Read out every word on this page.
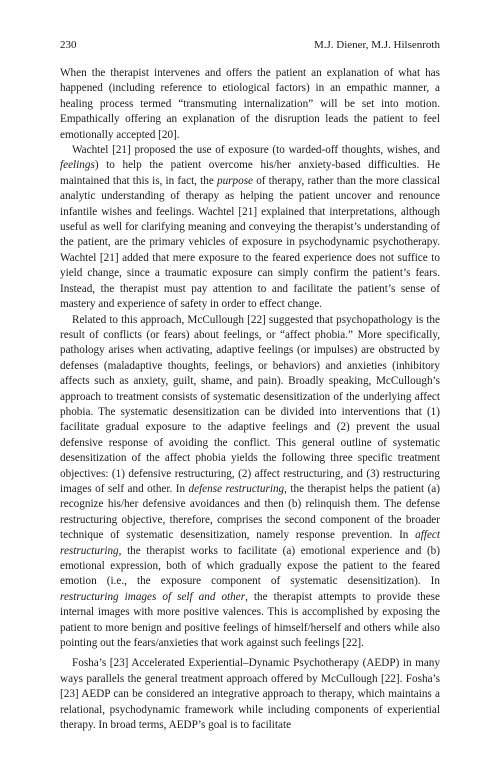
230	M.J. Diener, M.J. Hilsenroth

When the therapist intervenes and offers the patient an explanation of what has happened (including reference to etiological factors) in an empathic manner, a healing process termed “transmuting internalization” will be set into motion. Empathically offering an explanation of the disruption leads the patient to feel emotionally accepted [20].

Wachtel [21] proposed the use of exposure (to warded-off thoughts, wishes, and feelings) to help the patient overcome his/her anxiety-based difficulties. He maintained that this is, in fact, the purpose of therapy, rather than the more classical analytic understanding of therapy as helping the patient uncover and renounce infantile wishes and feelings. Wachtel [21] explained that interpretations, although useful as well for clarifying meaning and conveying the therapist’s understanding of the patient, are the primary vehicles of exposure in psychodynamic psychotherapy. Wachtel [21] added that mere exposure to the feared experience does not suffice to yield change, since a traumatic exposure can simply confirm the patient’s fears. Instead, the therapist must pay attention to and facilitate the patient’s sense of mastery and experience of safety in order to effect change.

Related to this approach, McCullough [22] suggested that psychopathology is the result of conflicts (or fears) about feelings, or “affect phobia.” More specifically, pathology arises when activating, adaptive feelings (or impulses) are obstructed by defenses (maladaptive thoughts, feelings, or behaviors) and anxieties (inhibitory affects such as anxiety, guilt, shame, and pain). Broadly speaking, McCullough’s approach to treatment consists of systematic desensitization of the underlying affect phobia. The systematic desensitization can be divided into interventions that (1) facilitate gradual exposure to the adaptive feelings and (2) prevent the usual defensive response of avoiding the conflict. This general outline of systematic desensitization of the affect phobia yields the following three specific treatment objectives: (1) defensive restructuring, (2) affect restructuring, and (3) restructuring images of self and other. In defense restructuring, the therapist helps the patient (a) recognize his/her defensive avoidances and then (b) relinquish them. The defense restructuring objective, therefore, comprises the second component of the broader technique of systematic desensitization, namely response prevention. In affect restructuring, the therapist works to facilitate (a) emotional experience and (b) emotional expression, both of which gradually expose the patient to the feared emotion (i.e., the exposure component of systematic desensitization). In restructuring images of self and other, the therapist attempts to provide these internal images with more positive valences. This is accomplished by exposing the patient to more benign and positive feelings of himself/herself and others while also pointing out the fears/anxieties that work against such feelings [22].

Fosha’s [23] Accelerated Experiential–Dynamic Psychotherapy (AEDP) in many ways parallels the general treatment approach offered by McCullough [22]. Fosha’s [23] AEDP can be considered an integrative approach to therapy, which maintains a relational, psychodynamic framework while including components of experiential therapy. In broad terms, AEDP’s goal is to facilitate
